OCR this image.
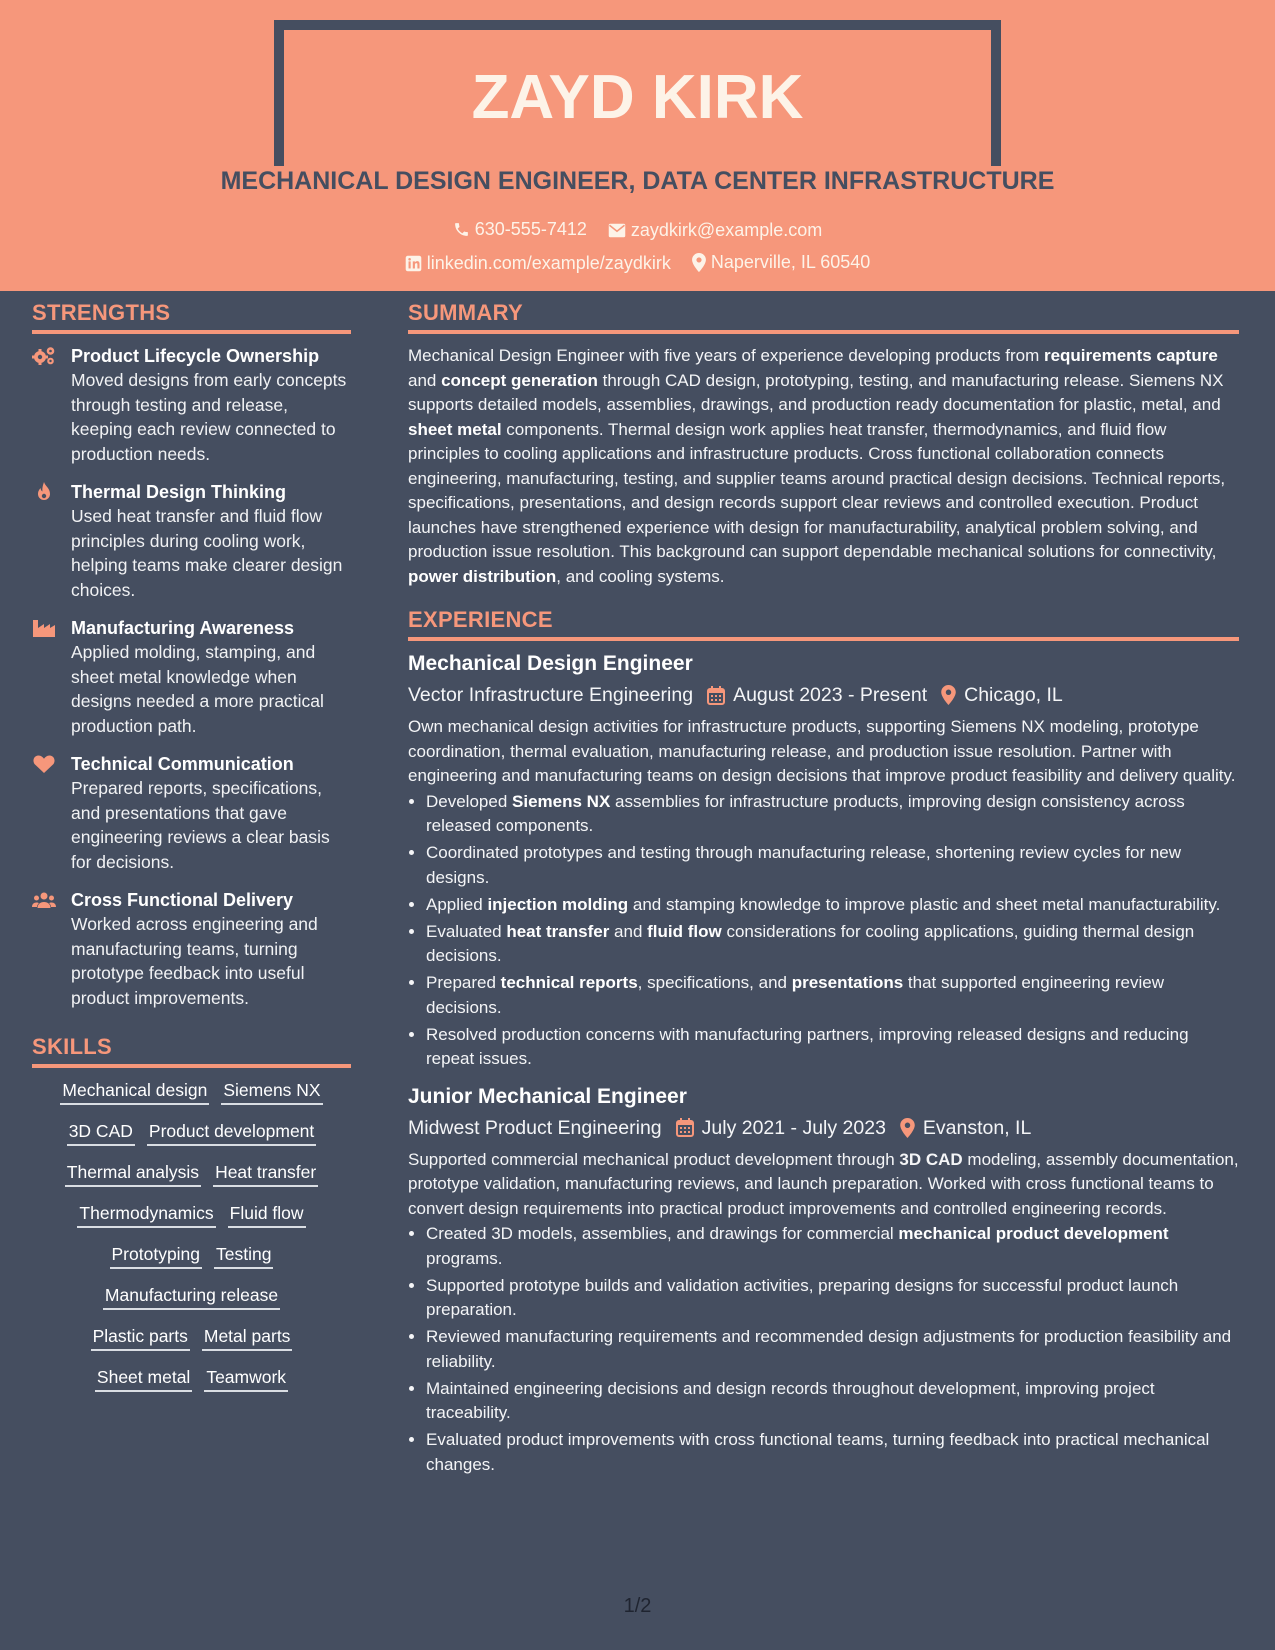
ZAYD KIRK
MECHANICAL DESIGN ENGINEER, DATA CENTER INFRASTRUCTURE
630-555-7412
zaydkirk@example.com
linkedin.com/example/zaydkirk
Naperville, IL 60540
STRENGTHS
Product Lifecycle Ownership
Moved designs from early concepts through testing and release, keeping each review connected to production needs.
Thermal Design Thinking
Used heat transfer and fluid flow principles during cooling work, helping teams make clearer design choices.
Manufacturing Awareness
Applied molding, stamping, and sheet metal knowledge when designs needed a more practical production path.
Technical Communication
Prepared reports, specifications, and presentations that gave engineering reviews a clear basis for decisions.
Cross Functional Delivery
Worked across engineering and manufacturing teams, turning prototype feedback into useful product improvements.
SKILLS
Mechanical design Siemens NX
3D CAD Product development
Thermal analysis Heat transfer
Thermodynamics Fluid flow
Prototyping Testing
Manufacturing release
Plastic parts Metal parts
Sheet metal Teamwork
SUMMARY
Mechanical Design Engineer with five years of experience developing products from requirements capture and concept generation through CAD design, prototyping, testing, and manufacturing release. Siemens NX supports detailed models, assemblies, drawings, and production ready documentation for plastic, metal, and sheet metal components. Thermal design work applies heat transfer, thermodynamics, and fluid flow principles to cooling applications and infrastructure products. Cross functional collaboration connects engineering, manufacturing, testing, and supplier teams around practical design decisions. Technical reports, specifications, presentations, and design records support clear reviews and controlled execution. Product launches have strengthened experience with design for manufacturability, analytical problem solving, and production issue resolution. This background can support dependable mechanical solutions for connectivity, power distribution, and cooling systems.
EXPERIENCE
Mechanical Design Engineer
Vector Infrastructure Engineering August 2023 - Present Chicago, IL
Own mechanical design activities for infrastructure products, supporting Siemens NX modeling, prototype coordination, thermal evaluation, manufacturing release, and production issue resolution. Partner with engineering and manufacturing teams on design decisions that improve product feasibility and delivery quality.
• Developed Siemens NX assemblies for infrastructure products, improving design consistency across released components.
• Coordinated prototypes and testing through manufacturing release, shortening review cycles for new designs.
• Applied injection molding and stamping knowledge to improve plastic and sheet metal manufacturability.
• Evaluated heat transfer and fluid flow considerations for cooling applications, guiding thermal design decisions.
• Prepared technical reports, specifications, and presentations that supported engineering review decisions.
• Resolved production concerns with manufacturing partners, improving released designs and reducing repeat issues.
Junior Mechanical Engineer
Midwest Product Engineering July 2021 - July 2023 Evanston, IL
Supported commercial mechanical product development through 3D CAD modeling, assembly documentation, prototype validation, manufacturing reviews, and launch preparation. Worked with cross functional teams to convert design requirements into practical product improvements and controlled engineering records.
• Created 3D models, assemblies, and drawings for commercial mechanical product development programs.
• Supported prototype builds and validation activities, preparing designs for successful product launch preparation.
• Reviewed manufacturing requirements and recommended design adjustments for production feasibility and reliability.
• Maintained engineering decisions and design records throughout development, improving project traceability.
• Evaluated product improvements with cross functional teams, turning feedback into practical mechanical changes.
1/2
